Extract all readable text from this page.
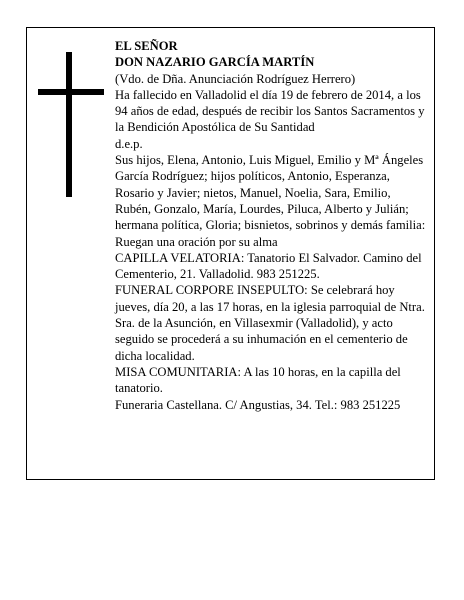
EL SEÑOR

DON NAZARIO GARCÍA MARTÍN

(Vdo. de Dña. Anunciación Rodríguez Herrero)

Ha fallecido en Valladolid el día 19 de febrero de 2014, a los 94 años de edad, después de recibir los Santos Sacramentos y la Bendición Apostólica de Su Santidad

d.e.p.

Sus hijos, Elena, Antonio, Luis Miguel, Emilio y Mª Ángeles García Rodríguez; hijos políticos, Antonio, Esperanza, Rosario y Javier; nietos, Manuel, Noelia, Sara, Emilio, Rubén, Gonzalo, María, Lourdes, Piluca, Alberto y Julián; hermana política, Gloria; bisnietos, sobrinos y demás familia:

Ruegan una oración por su alma

CAPILLA VELATORIA: Tanatorio El Salvador. Camino del Cementerio, 21. Valladolid. 983 251225.

FUNERAL CORPORE INSEPULTO: Se celebrará hoy jueves, día 20, a las 17 horas, en la iglesia parroquial de Ntra. Sra. de la Asunción, en Villasexmir (Valladolid), y acto seguido se procederá a su inhumación en el cementerio de dicha localidad.

MISA COMUNITARIA: A las 10 horas, en la capilla del tanatorio.

Funeraria Castellana. C/ Angustias, 34. Tel.: 983 251225
